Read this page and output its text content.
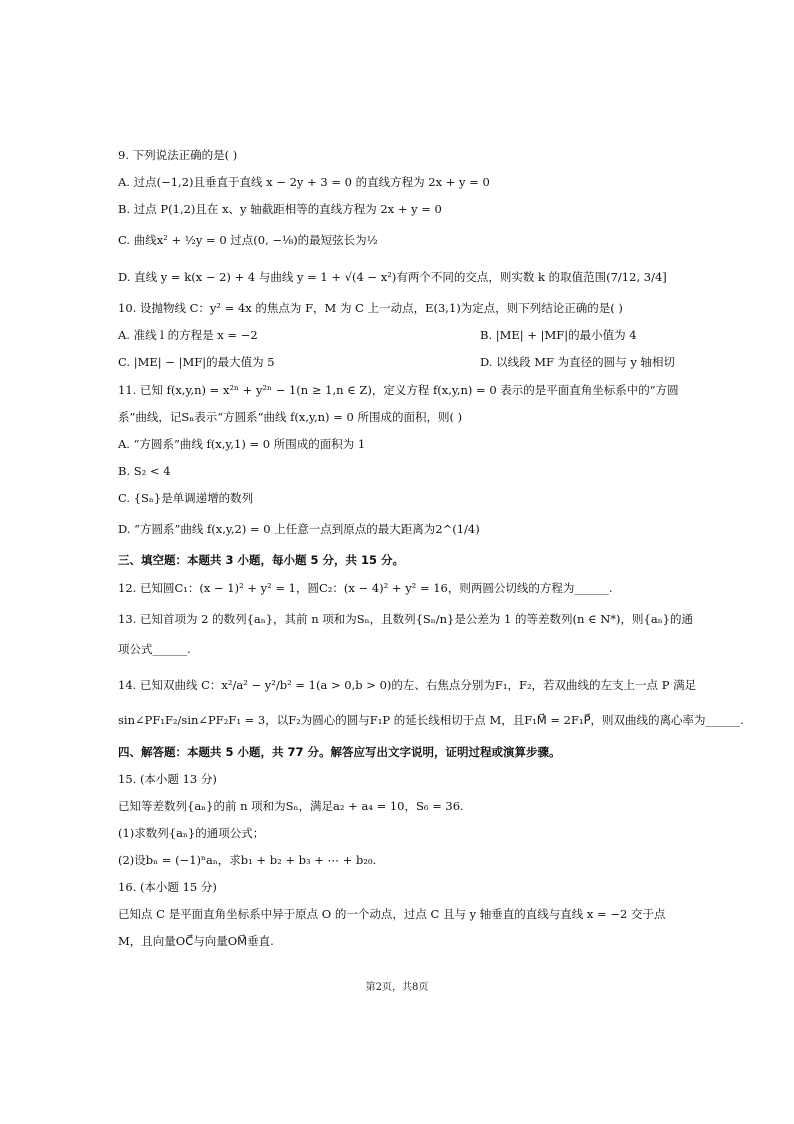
9. 下列说法正确的是( )
A. 过点(−1,2)且垂直于直线 x − 2y + 3 = 0 的直线方程为 2x + y = 0
B. 过点 P(1,2)且在 x、y 轴截距相等的直线方程为 2x + y = 0
C. 曲线x² + ½y = 0 过点(0, −⅛)的最短弦长为½
D. 直线 y = k(x − 2) + 4 与曲线 y = 1 + √(4 − x²)有两个不同的交点，则实数 k 的取值范围(7/12, 3/4]
10. 设抛物线 C：y² = 4x 的焦点为 F，M 为 C 上一动点，E(3,1)为定点，则下列结论正确的是( )
A. 准线 l 的方程是 x = −2	B. |ME| + |MF|的最小值为 4
C. |ME| − |MF|的最大值为 5	D. 以线段 MF 为直径的圆与 y 轴相切
11. 已知 f(x,y,n) = x²ⁿ + y²ⁿ − 1(n ≥ 1,n ∈ Z)，定义方程 f(x,y,n) = 0 表示的是平面直角坐标系中的“方圆
系”曲线，记Sₙ表示“方圆系”曲线 f(x,y,n) = 0 所围成的面积，则( )
A. “方圆系”曲线 f(x,y,1) = 0 所围成的面积为 1
B. S₂ < 4
C. {Sₙ}是单调递增的数列
D. “方圆系”曲线 f(x,y,2) = 0 上任意一点到原点的最大距离为2^(1/4)
三、填空题：本题共 3 小题，每小题 5 分，共 15 分。
12. 已知圆C₁：(x − 1)² + y² = 1，圆C₂：(x − 4)² + y² = 16，则两圆公切线的方程为______.
13. 已知首项为 2 的数列{aₙ}，其前 n 项和为Sₙ，且数列{Sₙ/n}是公差为 1 的等差数列(n ∈ N*)，则{aₙ}的通
项公式______.
14. 已知双曲线 C：x²/a² − y²/b² = 1(a > 0,b > 0)的左、右焦点分别为F₁，F₂，若双曲线的左支上一点 P 满足
sin∠PF₁F₂/sin∠PF₂F₁ = 3，以F₂为圆心的圆与F₁P 的延长线相切于点 M，且F₁M⃗ = 2F₁P⃗，则双曲线的离心率为______.
四、解答题：本题共 5 小题，共 77 分。解答应写出文字说明，证明过程或演算步骤。
15. (本小题 13 分)
已知等差数列{aₙ}的前 n 项和为Sₙ，满足a₂ + a₄ = 10，S₆ = 36.
(1)求数列{aₙ}的通项公式；
(2)设bₙ = (−1)ⁿaₙ，求b₁ + b₂ + b₃ + ⋯ + b₂₀.
16. (本小题 15 分)
已知点 C 是平面直角坐标系中异于原点 O 的一个动点，过点 C 且与 y 轴垂直的直线与直线 x = −2 交于点
M，且向量OC⃗与向量OM⃗垂直.
第2页，共8页
